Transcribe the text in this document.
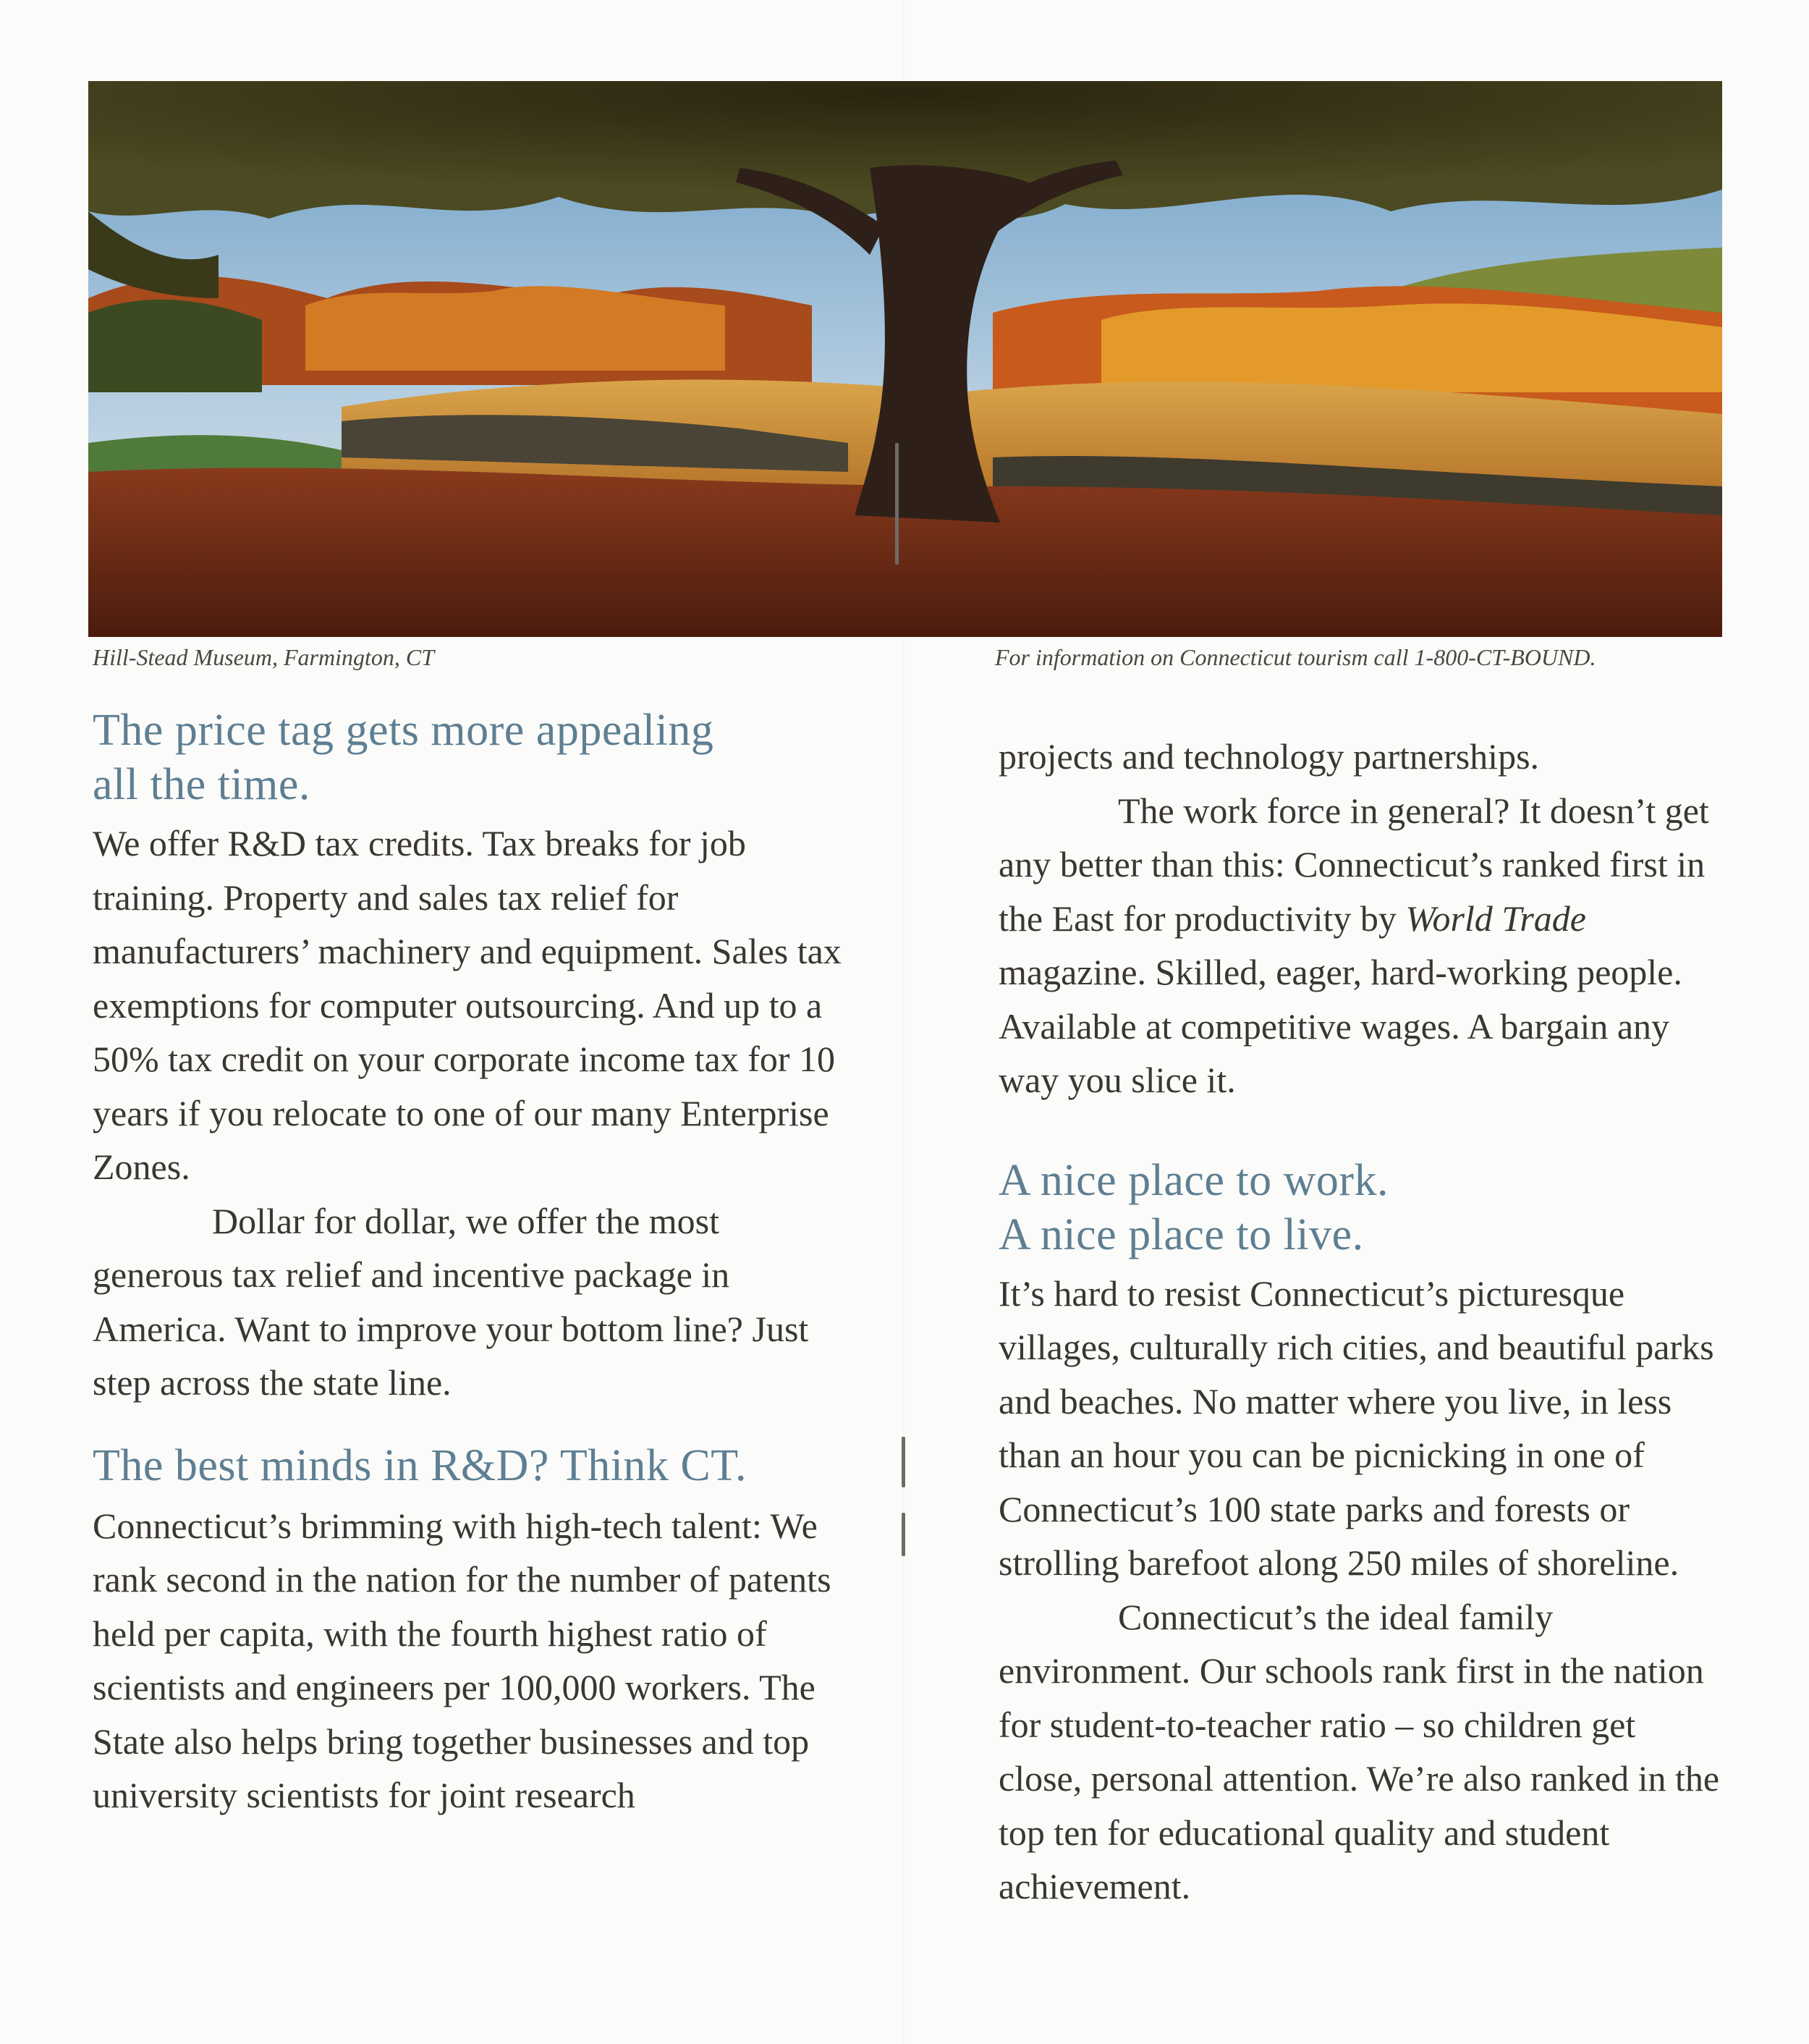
Hill-Stead Museum, Farmington, CT	For information on Connecticut tourism call 1-800-CT-BOUND.
The price tag gets more appealing
all the time.

We offer R&D tax credits. Tax breaks for job training. Property and sales tax relief for manufacturers’ machinery and equipment. Sales tax exemptions for computer outsourcing. And up to a 50% tax credit on your corporate income tax for 10 years if you relocate to one of our many Enterprise Zones.

Dollar for dollar, we offer the most generous tax relief and incentive package in America. Want to improve your bottom line? Just step across the state line.

The best minds in R&D? Think CT.

Connecticut’s brimming with high-tech talent: We rank second in the nation for the number of patents held per capita, with the fourth highest ratio of scientists and engineers per 100,000 workers. The State also helps bring together businesses and top university scientists for joint research

projects and technology partnerships.

The work force in general? It doesn’t get any better than this: Connecticut’s ranked first in the East for productivity by World Trade magazine. Skilled, eager, hard-working people. Available at competitive wages. A bargain any way you slice it.

A nice place to work.
A nice place to live.

It’s hard to resist Connecticut’s picturesque villages, culturally rich cities, and beautiful parks and beaches. No matter where you live, in less than an hour you can be picnicking in one of Connecticut’s 100 state parks and forests or strolling barefoot along 250 miles of shoreline.

Connecticut’s the ideal family environment. Our schools rank first in the nation for student-to-teacher ratio – so children get close, personal attention. We’re also ranked in the top ten for educational quality and student achievement.
